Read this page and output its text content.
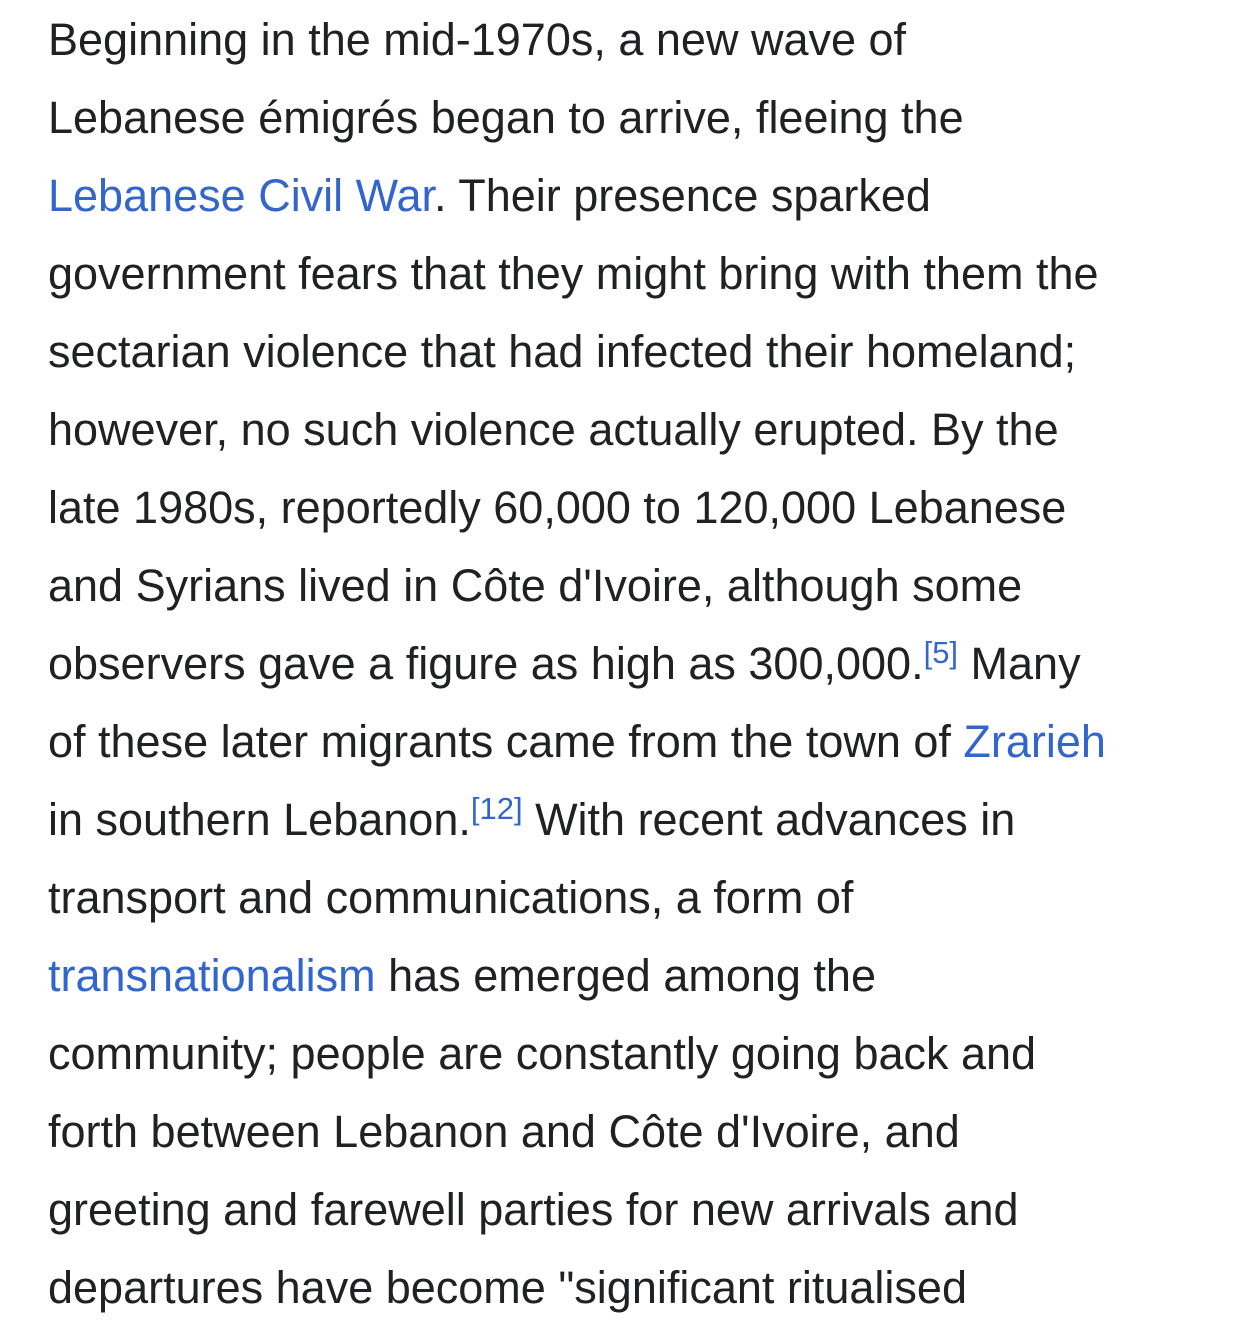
Beginning in the mid-1970s, a new wave of
Lebanese émigrés began to arrive, fleeing the
Lebanese Civil War. Their presence sparked
government fears that they might bring with them the
sectarian violence that had infected their homeland;
however, no such violence actually erupted. By the
late 1980s, reportedly 60,000 to 120,000 Lebanese
and Syrians lived in Côte d'Ivoire, although some
observers gave a figure as high as 300,000.[5] Many
of these later migrants came from the town of Zrarieh
in southern Lebanon.[12] With recent advances in
transport and communications, a form of
transnationalism has emerged among the
community; people are constantly going back and
forth between Lebanon and Côte d'Ivoire, and
greeting and farewell parties for new arrivals and
departures have become "significant ritualised
